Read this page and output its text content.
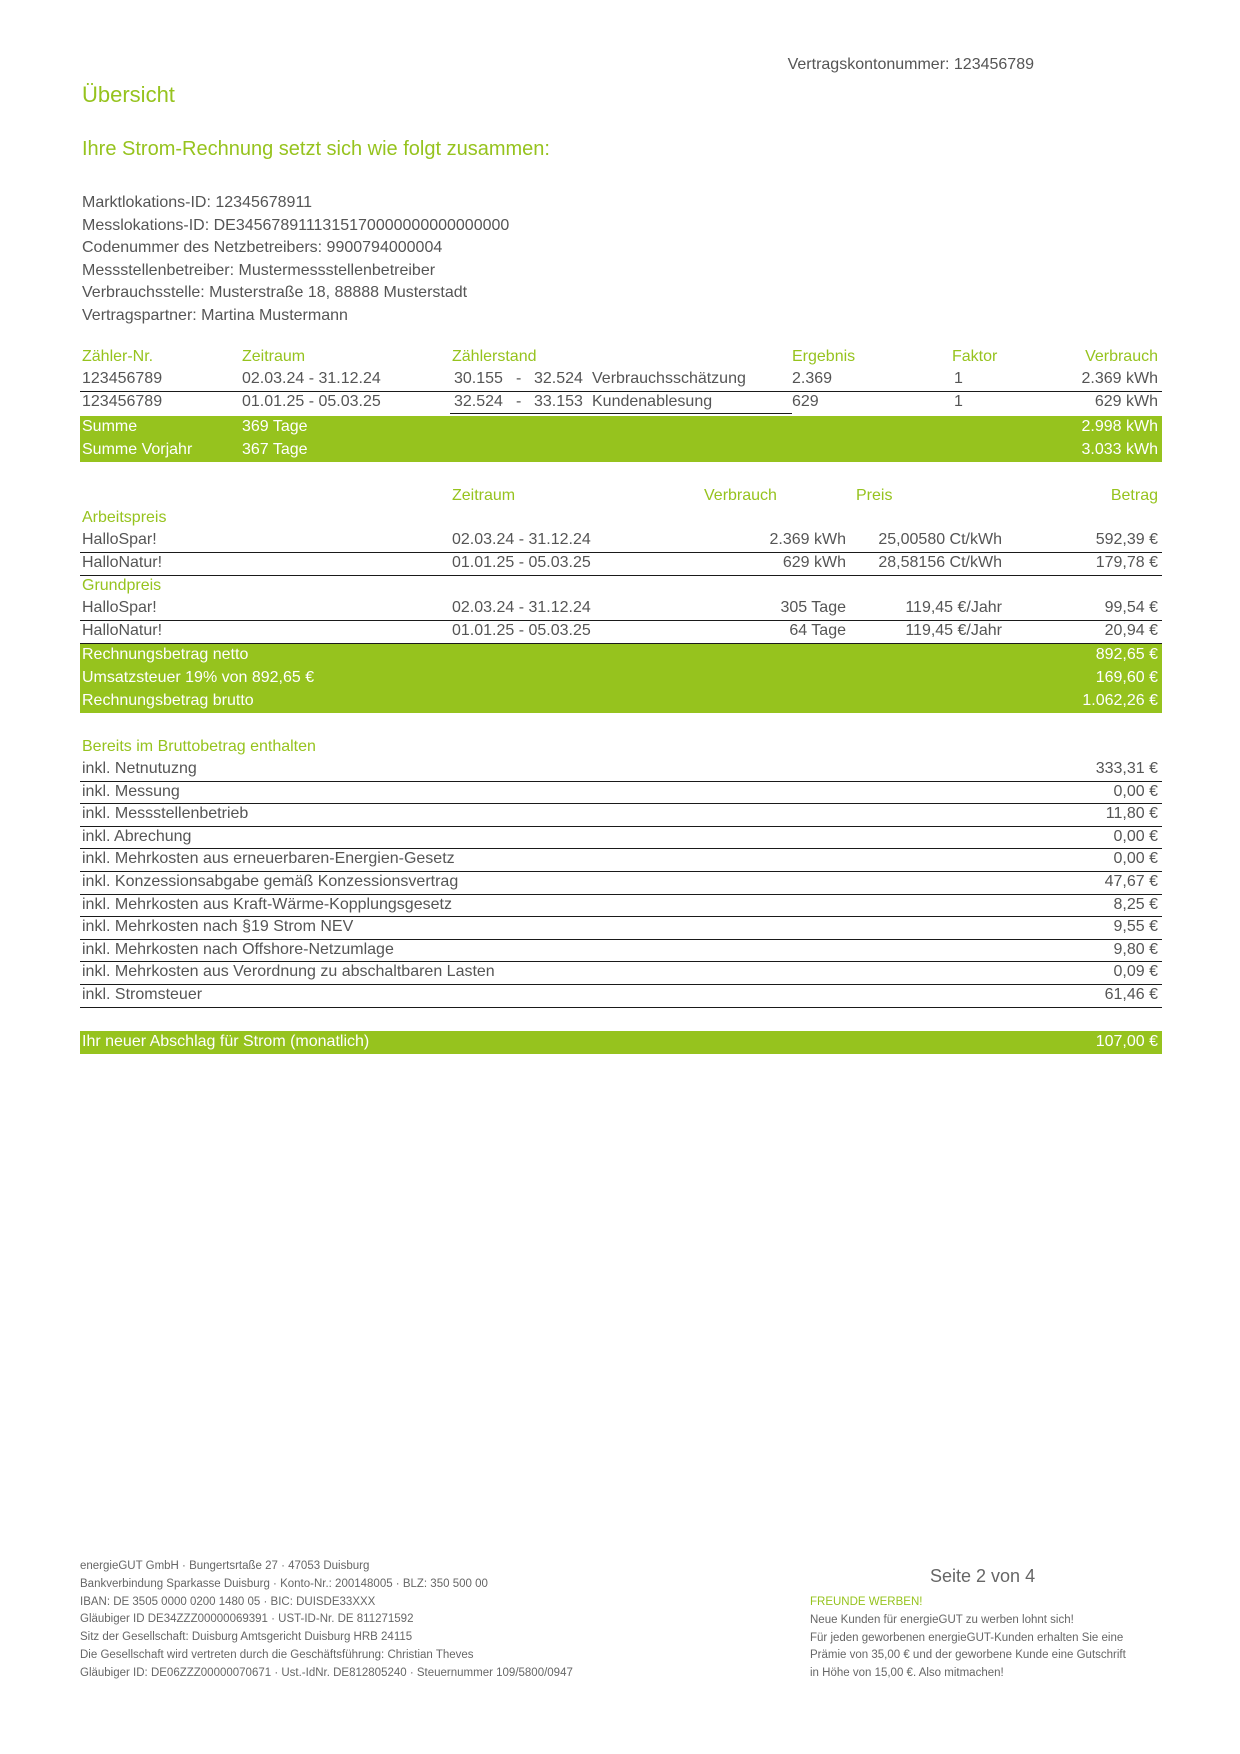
Vertragskontonummer: 123456789
Übersicht
Ihre Strom-Rechnung setzt sich wie folgt zusammen:
Marktlokations-ID: 12345678911
Messlokations-ID: DE3456789111315170000000000000000
Codenummer des Netzbetreibers: 9900794000004
Messstellenbetreiber: Mustermessstellenbetreiber
Verbrauchsstelle: Musterstraße 18, 88888 Musterstadt
Vertragspartner: Martina Mustermann
Zähler-Nr.	Zeitraum	Zählerstand	Ergebnis	Faktor	Verbrauch
123456789	02.03.24 - 31.12.24	30.155 - 32.524 Verbrauchsschätzung	2.369	1	2.369 kWh
123456789	01.01.25 - 05.03.25	32.524 - 33.153 Kundenablesung	629	1	629 kWh
Summe	369 Tage	2.998 kWh
Summe Vorjahr	367 Tage	3.033 kWh
Zeitraum	Verbrauch	Preis	Betrag
Arbeitspreis
HalloSpar!	02.03.24 - 31.12.24	2.369 kWh 25,00580 Ct/kWh	592,39 €
HalloNatur!	01.01.25 - 05.03.25	629 kWh 28,58156 Ct/kWh	179,78 €
Grundpreis
HalloSpar!	02.03.24 - 31.12.24	305 Tage	119,45 €/Jahr	99,54 €
HalloNatur!	01.01.25 - 05.03.25	64 Tage	119,45 €/Jahr	20,94 €
Rechnungsbetrag netto	892,65 €
Umsatzsteuer 19% von 892,65 €	169,60 €
Rechnungsbetrag brutto	1.062,26 €
Bereits im Bruttobetrag enthalten
inkl. Netnutuzng	333,31 €
inkl. Messung	0,00 €
inkl. Messstellenbetrieb	11,80 €
inkl. Abrechung	0,00 €
inkl. Mehrkosten aus erneuerbaren-Energien-Gesetz	0,00 €
inkl. Konzessionsabgabe gemäß Konzessionsvertrag	47,67 €
inkl. Mehrkosten aus Kraft-Wärme-Kopplungsgesetz	8,25 €
inkl. Mehrkosten nach §19 Strom NEV	9,55 €
inkl. Mehrkosten nach Offshore-Netzumlage	9,80 €
inkl. Mehrkosten aus Verordnung zu abschaltbaren Lasten	0,09 €
inkl. Stromsteuer	61,46 €
Ihr neuer Abschlag für Strom (monatlich)	107,00 €
energieGUT GmbH · Bungertsrtaße 27 · 47053 Duisburg
Bankverbindung Sparkasse Duisburg · Konto-Nr.: 200148005 · BLZ: 350 500 00
IBAN: DE 3505 0000 0200 1480 05 · BIC: DUISDE33XXX
Gläubiger ID DE34ZZZ00000069391 · UST-ID-Nr. DE 811271592
Sitz der Gesellschaft: Duisburg Amtsgericht Duisburg HRB 24115
Die Gesellschaft wird vertreten durch die Geschäftsführung: Christian Theves
Gläubiger ID: DE06ZZZ00000070671 · Ust.-IdNr. DE812805240 · Steuernummer 109/5800/0947
Seite 2 von 4
FREUNDE WERBEN!
Neue Kunden für energieGUT zu werben lohnt sich!
Für jeden geworbenen energieGUT-Kunden erhalten Sie eine
Prämie von 35,00 € und der geworbene Kunde eine Gutschrift
in Höhe von 15,00 €. Also mitmachen!
